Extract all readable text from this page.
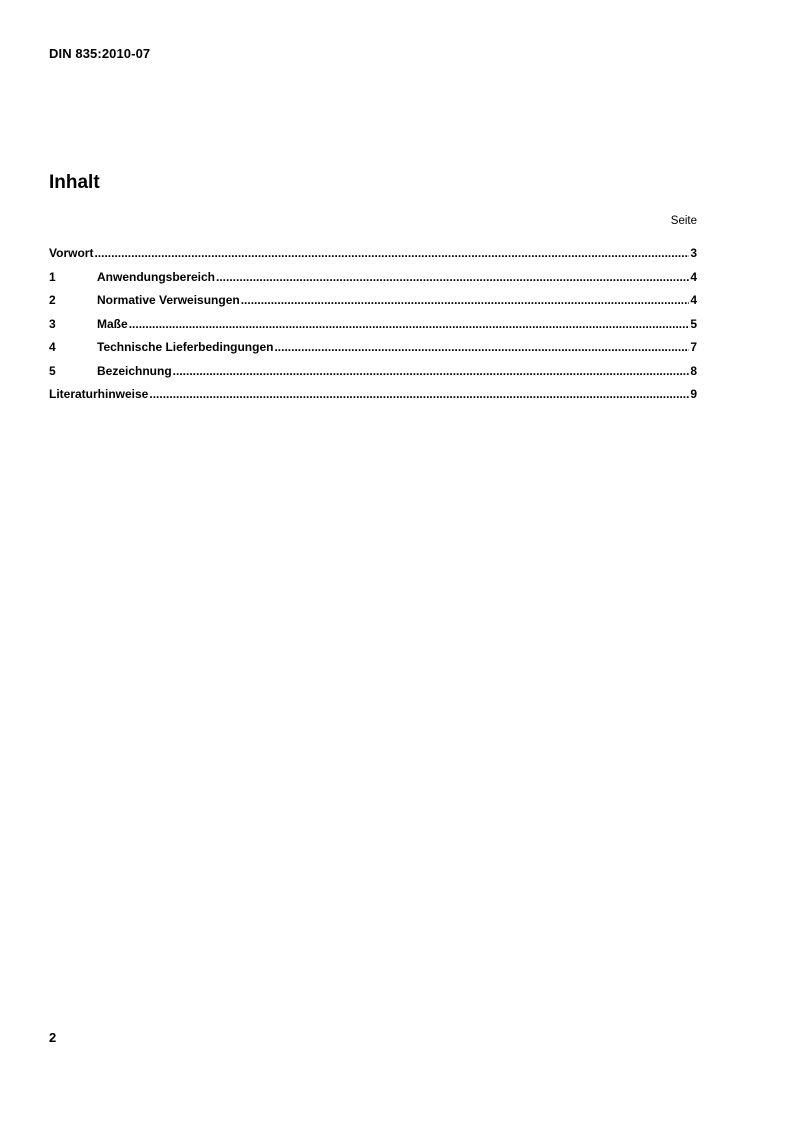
DIN 835:2010-07
Inhalt
Seite
Vorwort .....	3
1	Anwendungsbereich .....	4
2	Normative Verweisungen .....	4
3	Maße .....	5
4	Technische Lieferbedingungen .....	7
5	Bezeichnung .....	8
Literaturhinweise .....	9
2
